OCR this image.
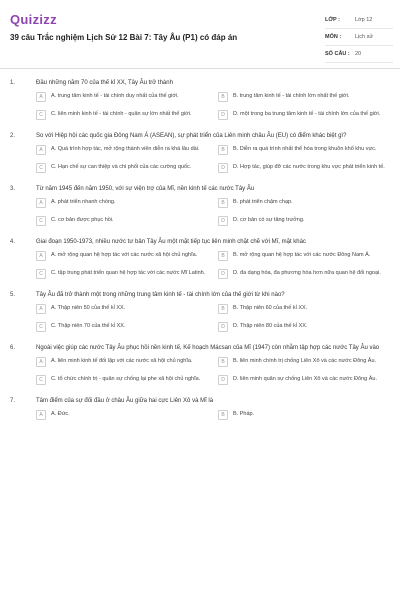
Quizizz
39 câu Trắc nghiệm Lịch Sử 12 Bài 7: Tây Âu (P1) có đáp án
LỚP :	Lớp 12
MÔN :	Lịch sử
SỐ CÂU : 20
1.	Đầu những năm 70 của thế kỉ XX, Tây Âu trở thành
A	A. trung tâm kinh tế - tài chính duy nhất của thế giới.	B	B. trung tâm kinh tế - tài chính lớn nhất thế giới.
C	C. liên minh kinh tế - tài chính - quân sự lớn nhất thế giới.	D	D. một trong ba trung tâm kinh tế - tài chính lớn của thế giới.
2.	So với Hiệp hội các quốc gia Đông Nam Á (ASEAN), sự phát triển của Liên minh châu Âu (EU) có điểm khác biệt gì?
A	A. Quá trình hợp tác, mở rộng thành viên diễn ra khá lâu dài.	B	B. Diễn ra quá trình nhất thể hóa trong khuôn khổ khu vực.
C	C. Hạn chế sự can thiệp và chi phối của các cường quốc.	D	D. Hợp tác, giúp đỡ các nước trong khu vực phát triển kinh tế.
3.	Từ năm 1945 đến năm 1950, với sự viện trợ của Mĩ, nền kinh tế các nước Tây Âu
A	A. phát triển nhanh chóng.	B	B. phát triển chậm chạp.
C	C. cơ bản được phục hồi.	D	D. cơ bản có sự tăng trưởng.
4.	Giai đoạn 1950-1973, nhiều nước tư bản Tây Âu một mặt tiếp tục liên minh chặt chẽ với Mĩ, mặt khác
A	A. mở rộng quan hệ hợp tác với các nước xã hội chủ nghĩa.	B	B. mở rộng quan hệ hợp tác với các nước Đông Nam Á.
C	C. tập trung phát triển quan hệ hợp tác với các nước Mĩ Latinh.	D	D. đa dạng hóa, đa phương hóa hơn nữa quan hệ đối ngoại.
5.	Tây Âu đã trở thành một trong những trung tâm kinh tế - tài chính lớn của thế giới từ khi nào?
A	A. Thập niên 50 của thế kỉ XX.	B	B. Thập niên 60 của thế kỉ XX.
C	C. Thập niên 70 của thế kỉ XX.	D	D. Thập niên 80 của thế kỉ XX.
6.	Ngoài việc giúp các nước Tây Âu phục hồi nền kinh tế, Kế hoạch Mácsan của Mĩ (1947) còn nhằm tập hợp các nước Tây Âu vào
A	A. liên minh kinh tế đối lập với các nước xã hội chủ nghĩa.	B	B. liên minh chính trị chống Liên Xô và các nước Đông Âu.
C	C. tổ chức chính trị - quân sự chống lại phe xã hội chủ nghĩa.	D	D. liên minh quân sự chống Liên Xô và các nước Đông Âu.
7.	Tâm điểm của sự đối đầu ở châu Âu giữa hai cực Liên Xô và Mĩ là
A	A. Đức.	B	B. Pháp.
